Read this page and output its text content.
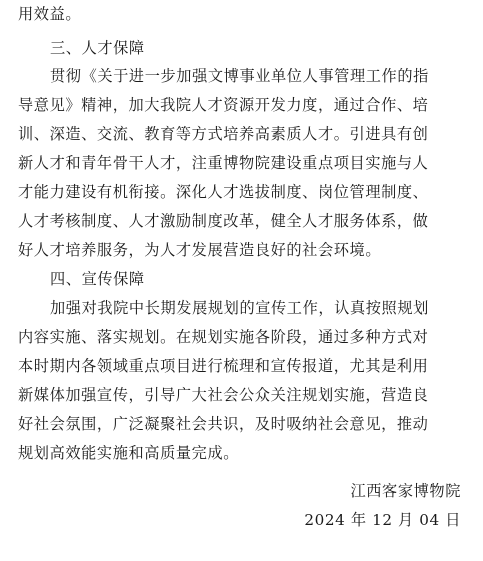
用效益。
三、人才保障
贯彻《关于进一步加强文博事业单位人事管理工作的指
导意见》精神，加大我院人才资源开发力度，通过合作、培
训、深造、交流、教育等方式培养高素质人才。引进具有创
新人才和青年骨干人才，注重博物院建设重点项目实施与人
才能力建设有机衔接。深化人才选拔制度、岗位管理制度、
人才考核制度、人才激励制度改革，健全人才服务体系，做
好人才培养服务，为人才发展营造良好的社会环境。
四、宣传保障
加强对我院中长期发展规划的宣传工作，认真按照规划
内容实施、落实规划。在规划实施各阶段，通过多种方式对
本时期内各领域重点项目进行梳理和宣传报道，尤其是利用
新媒体加强宣传，引导广大社会公众关注规划实施，营造良
好社会氛围，广泛凝聚社会共识，及时吸纳社会意见，推动
规划高效能实施和高质量完成。
江西客家博物院
2024 年 12 月 04 日
